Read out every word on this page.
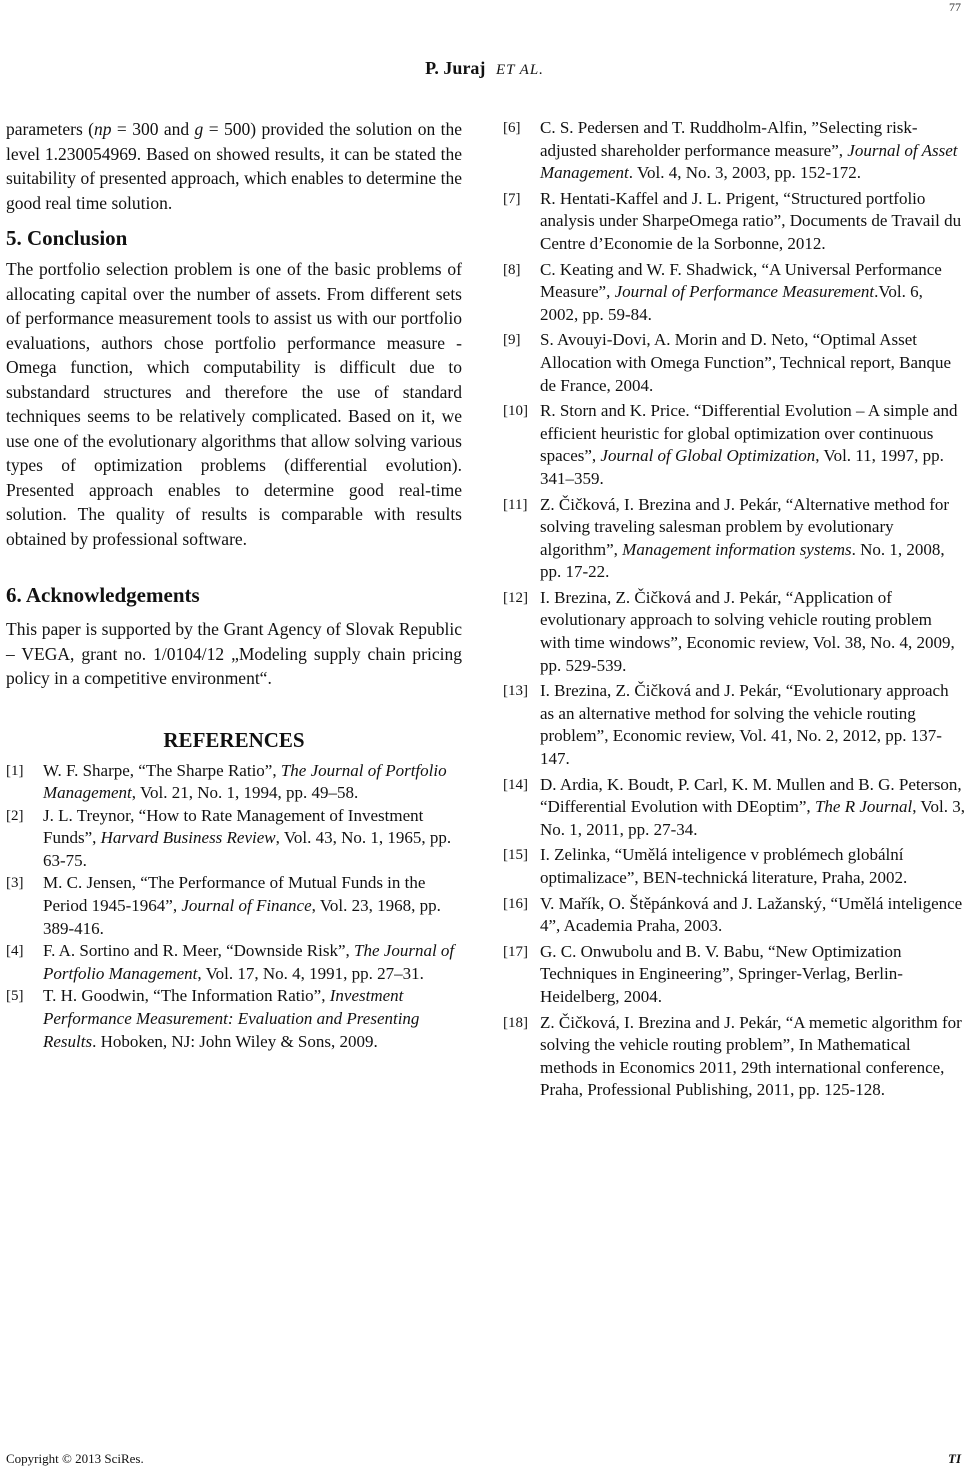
77
P. Juraj ET AL.

parameters (np = 300 and g = 500) provided the solution on the level 1.230054969. Based on showed results, it can be stated the suitability of presented approach, which enables to determine the good real time solution.

5. Conclusion

The portfolio selection problem is one of the basic problems of allocating capital over the number of assets. From different sets of performance measurement tools to assist us with our portfolio evaluations, authors chose portfolio performance measure - Omega function, which computability is difficult due to substandard structures and therefore the use of standard techniques seems to be relatively complicated. Based on it, we use one of the evolutionary algorithms that allow solving various types of optimization problems (differential evolution). Presented approach enables to determine good real-time solution. The quality of results is comparable with results obtained by professional software.

6. Acknowledgements

This paper is supported by the Grant Agency of Slovak Republic – VEGA, grant no. 1/0104/12 „Modeling supply chain pricing policy in a competitive environment“.

REFERENCES
[1]	W. F. Sharpe, “The Sharpe Ratio”, The Journal of Portfolio Management, Vol. 21, No. 1, 1994, pp. 49–58.
[2]	J. L. Treynor, “How to Rate Management of Investment Funds”, Harvard Business Review, Vol. 43, No. 1, 1965, pp. 63-75.
[3]	M. C. Jensen, “The Performance of Mutual Funds in the Period 1945-1964”, Journal of Finance, Vol. 23, 1968, pp. 389-416.
[4]	F. A. Sortino and R. Meer, “Downside Risk”, The Journal of Portfolio Management, Vol. 17, No. 4, 1991, pp. 27–31.
[5]	T. H. Goodwin, “The Information Ratio”, Investment Performance Measurement: Evaluation and Presenting Results. Hoboken, NJ: John Wiley & Sons, 2009.
[6]	C. S. Pedersen and T. Ruddholm-Alfin, ”Selecting risk-adjusted shareholder performance measure”, Journal of Asset Management. Vol. 4, No. 3, 2003, pp. 152-172.
[7]	R. Hentati-Kaffel and J. L. Prigent, “Structured portfolio analysis under SharpeOmega ratio”, Documents de Travail du Centre d’Economie de la Sorbonne, 2012.
[8]	C. Keating and W. F. Shadwick, “A Universal Performance Measure”, Journal of Performance Measurement.Vol. 6, 2002, pp. 59-84.
[9]	S. Avouyi-Dovi, A. Morin and D. Neto, “Optimal Asset Allocation with Omega Function”, Technical report, Banque de France, 2004.
[10] R. Storn and K. Price. “Differential Evolution – A simple and efficient heuristic for global optimization over continuous spaces”, Journal of Global Optimization, Vol. 11, 1997, pp. 341–359.
[11] Z. Čičková, I. Brezina and J. Pekár, “Alternative method for solving traveling salesman problem by evolutionary algorithm”, Management information systems. No. 1, 2008, pp. 17-22.
[12] I. Brezina, Z. Čičková and J. Pekár, “Application of evolutionary approach to solving vehicle routing problem with time windows”, Economic review, Vol. 38, No. 4, 2009, pp. 529-539.
[13] I. Brezina, Z. Čičková and J. Pekár, “Evolutionary approach as an alternative method for solving the vehicle routing problem”, Economic review, Vol. 41, No. 2, 2012, pp. 137-147.
[14] D. Ardia, K. Boudt, P. Carl, K. M. Mullen and B. G. Peterson, “Differential Evolution with DEoptim”, The R Journal, Vol. 3, No. 1, 2011, pp. 27-34.
[15] I. Zelinka, “Umělá inteligence v problémech globální optimalizace”, BEN-technická literature, Praha, 2002.
[16] V. Mařík, O. Štěpánková and J. Lažanský, “Umělá inteligence 4”, Academia Praha, 2003.
[17] G. C. Onwubolu and B. V. Babu, “New Optimization Techniques in Engineering”, Springer-Verlag, Berlin-Heidelberg, 2004.
[18] Z. Čičková, I. Brezina and J. Pekár, “A memetic algorithm for solving the vehicle routing problem”, In Mathematical methods in Economics 2011, 29th international conference, Praha, Professional Publishing, 2011, pp. 125-128.
Copyright © 2013 SciRes.	TI
